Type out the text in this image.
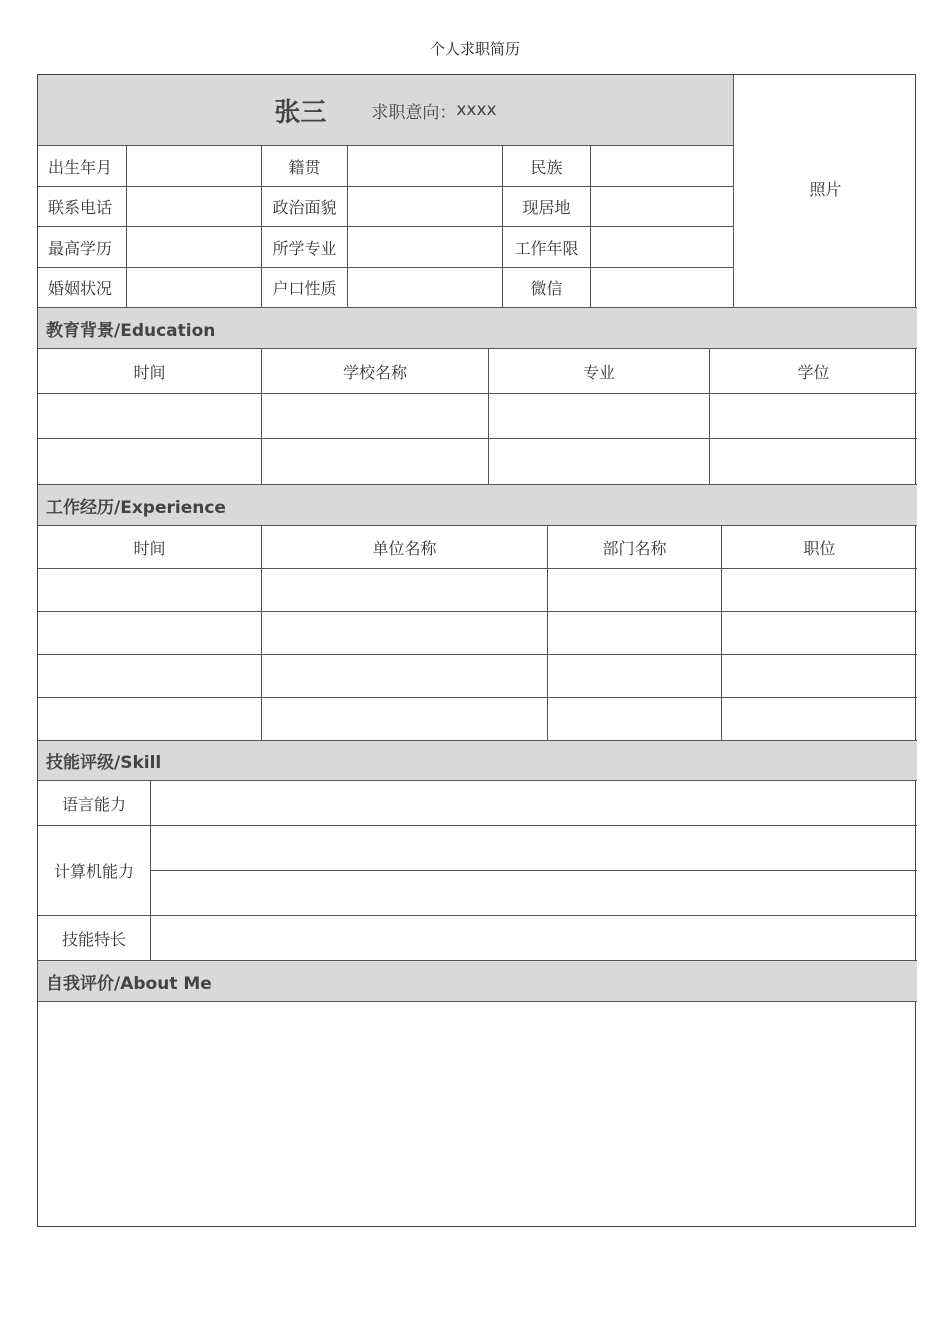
个人求职简历
张三	求职意向： xxxx
照片
出生年月	籍贯	民族
联系电话	政治面貌	现居地
最高学历	所学专业	工作年限
婚姻状况	户口性质	微信
教育背景/Education
时间	学校名称	专业	学位
工作经历/Experience
时间	单位名称	部门名称	职位
技能评级/Skill
语言能力
计算机能力
技能特长
自我评价/About Me
